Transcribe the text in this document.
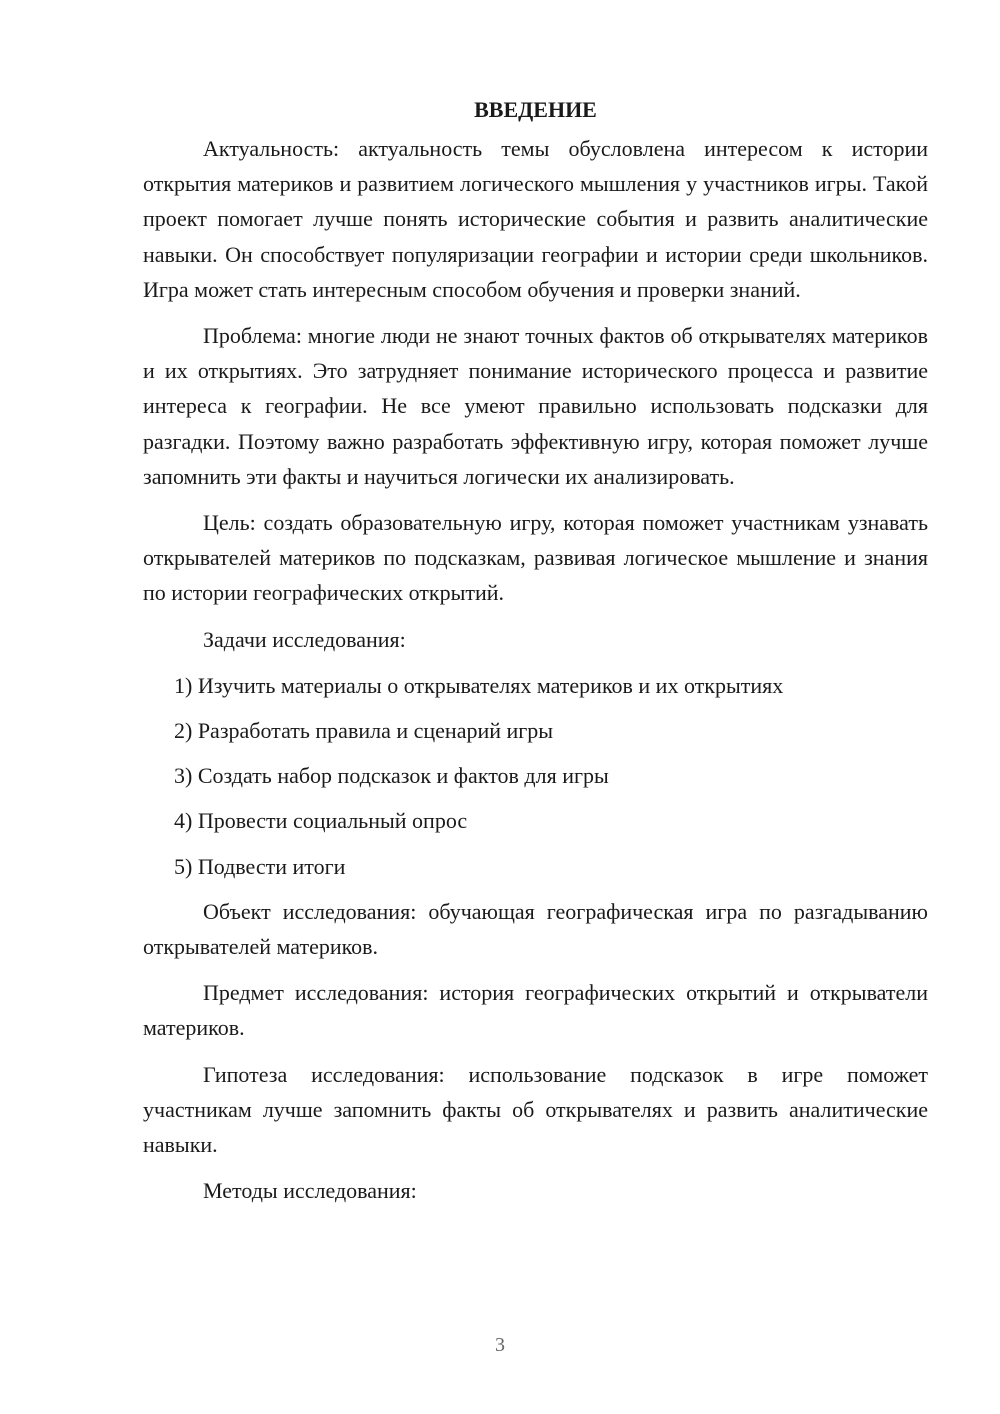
ВВЕДЕНИЕ

Актуальность: актуальность темы обусловлена интересом к истории открытия материков и развитием логического мышления у участников игры. Такой проект помогает лучше понять исторические события и развить аналитические навыки. Он способствует популяризации географии и истории среди школьников. Игра может стать интересным способом обучения и проверки знаний.

Проблема: многие люди не знают точных фактов об открывателях материков и их открытиях. Это затрудняет понимание исторического процесса и развитие интереса к географии. Не все умеют правильно использовать подсказки для разгадки. Поэтому важно разработать эффективную игру, которая поможет лучше запомнить эти факты и научиться логически их анализировать.

Цель: создать образовательную игру, которая поможет участникам узнавать открывателей материков по подсказкам, развивая логическое мышление и знания по истории географических открытий.

Задачи исследования:

1) Изучить материалы о открывателях материков и их открытиях
2) Разработать правила и сценарий игры
3) Создать набор подсказок и фактов для игры
4) Провести социальный опрос
5) Подвести итоги

Объект исследования: обучающая географическая игра по разгадыванию открывателей материков.

Предмет исследования: история географических открытий и открыватели материков.

Гипотеза исследования: использование подсказок в игре поможет участникам лучше запомнить факты об открывателях и развить аналитические навыки.

Методы исследования:

3
